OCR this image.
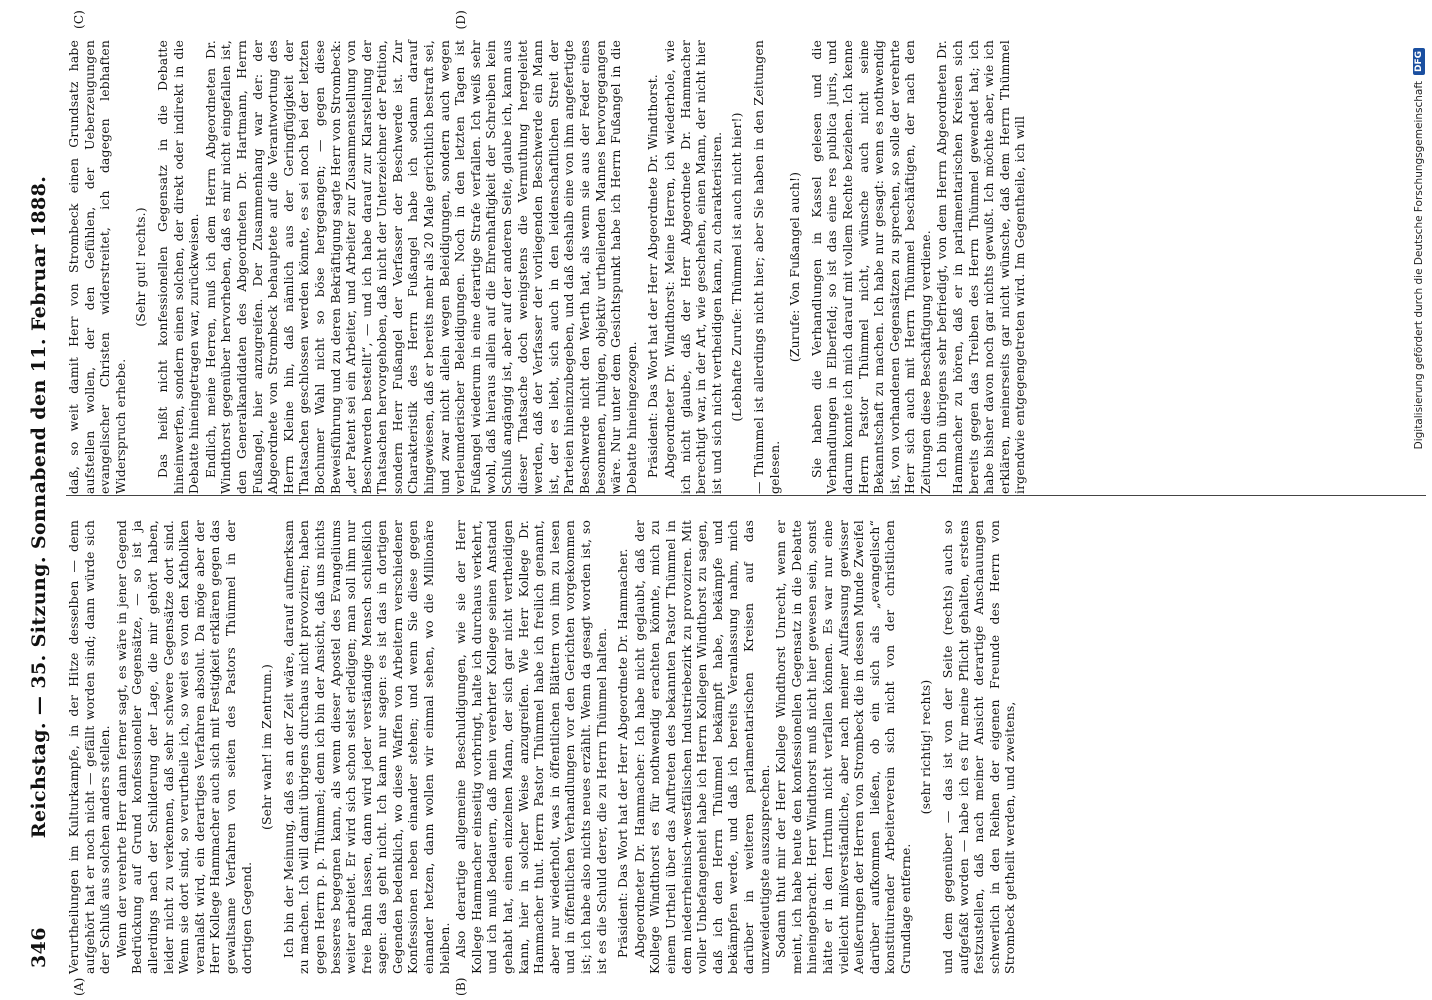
346
Reichstag. — 35. Sitzung. Sonnabend den 11. Februar 1888.
(A)	(B)

Verurtheilungen im Kulturkampfe, in der Hitze desselben — denn aufgehört hat er noch nicht — gefällt worden sind; dann würde sich der Schluß aus solchen anders stellen. Wenn der verehrte Herr dann ferner sagt, es wäre in jener Gegend Bedrückung auf Grund konfessioneller Gegensätze, — so ist ja allerdings nach der Schilderung der Lage, die mir gehört haben, leider nicht zu verkennen, daß sehr schwere Gegensätze dort sind. Wenn sie dort sind, so verurtheile ich, so weit es von den Katholiken veranlaßt wird, ein derartiges Verfahren absolut. Da möge aber der Herr Kollege Hammacher auch sich mit Festigkeit erklären gegen das gewaltsame Verfahren von seiten des Pastors Thümmel in der dortigen Gegend.

(Sehr wahr! im Zentrum.) Ich bin der Meinung, daß es an der Zeit wäre, darauf aufmerksam zu machen. Ich will damit übrigens durchaus nicht provoziren; haben gegen Herrn p. p. Thümmel; denn ich bin der Ansicht, daß uns nichts besseres begegnen kann, als wenn dieser Apostel des Evangeliums weiter arbeitet. Er wird sich schon selst erledigen; man soll ihm nur freie Bahn lassen, dann wird jeder verständige Mensch schließlich sagen: das geht nicht. Ich kann nur sagen: es ist das in dortigen Gegenden bedenklich, wo diese Waffen von Arbeitern verschiedener Konfessionen neben einander stehen; und wenn Sie diese gegen einander hetzen, dann wollen wir einmal sehen, wo die Millionäre bleiben. Also derartige allgemeine Beschuldigungen, wie sie der Herr Kollege Hammacher einseitig vorbringt, halte ich durchaus verkehrt, und ich muß bedauern, daß mein verehrter Kollege seinen Anstand gehabt hat, einen einzelnen Mann, der sich gar nicht vertheidigen kann, hier in solcher Weise anzugreifen. Wie Herr Kollege Dr. Hammacher thut. Herrn Pastor Thümmel habe ich freilich genannt, aber nur wiederholt, was in öffentlichen Blättern von ihm zu lesen und in öffentlichen Verhandlungen vor den Gerichten vorgekommen ist; ich habe also nichts neues erzählt. Wenn da gesagt worden ist, so ist es die Schuld derer, die zu Herrn Thümmel halten. Präsident: Das Wort hat der Herr Abgeordnete Dr. Hammacher. Abgeordneter Dr. Hammacher: Ich habe nicht geglaubt, daß der Kollege Windthorst es für nothwendig erachten könnte, mich zu einem Urtheil über das Auftreten des bekannten Pastor Thümmel in dem niederrheinisch-westfälischen Industriebezirk zu provoziren. Mit voller Unbefangenheit habe ich Herrn Kollegen Windthorst zu sagen, daß ich den Herrn Thümmel bekämpft habe, bekämpfe und bekämpfen werde, und daß ich bereits Veranlassung nahm, mich darüber in weiteren parlamentarischen Kreisen auf das unzweideutigste auszusprechen. Sodann thut mir der Herr Kollege Windthorst Unrecht, wenn er meint, ich habe heute den konfessionellen Gegensatz in die Debatte hineingebracht. Herr Windthorst muß nicht hier gewesen sein, sonst hätte er in den Irrthum nicht verfallen können. Es war nur eine vielleicht mißverständliche, aber nach meiner Auffassung gewisser Aeußerungen der Herren von Strombeck die in dessen Munde Zweifel darüber aufkommen ließen, ob ein sich als „evangelisch“ konstituirender Arbeiterverein sich nicht von der christlichen Grundlage entferne.

(sehr richtig! rechts) und dem gegenüber — das ist von der Seite (rechts) auch so aufgefaßt worden — habe ich es für meine Pflicht gehalten, erstens festzustellen, daß nach meiner Ansicht derartige Anschauungen schwerlich in den Reihen der eigenen Freunde des Herrn von Strombeck getheilt werden, und zweitens,

(C)	(D)

daß, so weit damit Herr von Strombeck einen Grundsatz habe aufstellen wollen, der den Gefühlen, der Ueberzeugungen evangelischer Christen widerstreitet, ich dagegen lebhaften Widerspruch erhebe.

(Sehr gut! rechts.) Das heißt nicht konfessionellen Gegensatz in die Debatte hineinwerfen, sondern einen solchen, der direkt oder indirekt in die Debatte hineingetragen war, zurückweisen. Endlich, meine Herren, muß ich dem Herrn Abgeordneten Dr. Windthorst gegenüber hervorheben, daß es mir nicht eingefallen ist, den Generalkandidaten des Abgeordneten Dr. Hartmann, Herrn Fußangel, hier anzugreifen. Der Zusammenhang war der: der Abgeordnete von Strombeck behauptete auf die Verantwortung des Herrn Kleine hin, daß nämlich aus der Geringfügigkeit der Thatsachen geschlossen werden könnte, es sei noch bei der letzten Bochumer Wahl nicht so böse hergegangen; — gegen diese Beweisführung und zu deren Bekräftigung sagte Herr von Strombeck: „der Patent sei ein Arbeiter, und Arbeiter zur Zusammenstellung von Beschwerden bestellt“, — und ich habe darauf zur Klarstellung der Thatsachen hervorgehoben, daß nicht der Unterzeichner der Petition, sondern Herr Fußangel der Verfasser der Beschwerde ist. Zur Charakteristik des Herrn Fußangel habe ich sodann darauf hingewiesen, daß er bereits mehr als 20 Male gerichtlich bestraft sei, und zwar nicht allein wegen Beleidigungen, sondern auch wegen verleumderischer Beleidigungen. Noch in den letzten Tagen ist Fußangel wiederum in eine derartige Strafe verfallen. Ich weiß sehr wohl, daß hieraus allein auf die Ehrenhaftigkeit der Schreiben kein Schluß angängig ist, aber auf der anderen Seite, glaube ich, kann aus dieser Thatsache doch wenigstens die Vermuthung hergeleitet werden, daß der Verfasser der vorliegenden Beschwerde ein Mann ist, der es liebt, sich auch in den leidenschaftlichen Streit der Parteien hineinzubegeben, und daß deshalb eine von ihm angefertigte Beschwerde nicht den Werth hat, als wenn sie aus der Feder eines besonnenen, ruhigen, objektiv urtheilenden Mannes hervorgegangen wäre. Nur unter dem Gesichtspunkt habe ich Herrn Fußangel in die Debatte hineingezogen. Präsident: Das Wort hat der Herr Abgeordnete Dr. Windthorst. Abgeordneter Dr. Windthorst: Meine Herren, ich wiederhole, wie ich nicht glaube, daß der Herr Abgeordnete Dr. Hammacher berechtigt war, in der Art, wie geschehen, einen Mann, der nicht hier ist und sich nicht vertheidigen kann, zu charakterisiren. (Lebhafte Zurufe: Thümmel ist auch nicht hier!) — Thümmel ist allerdings nicht hier; aber Sie haben in den Zeitungen gelesen.

(Zurufe: Von Fußangel auch!) Sie haben die Verhandlungen in Kassel gelesen und die Verhandlungen in Elberfeld; so ist das eine res publica juris, und darum konnte ich mich darauf mit vollem Rechte beziehen. Ich kenne Herrn Pastor Thümmel nicht, wünsche auch nicht seine Bekanntschaft zu machen. Ich habe nur gesagt: wenn es nothwendig ist, von vorhandenen Gegensätzen zu sprechen, so solle der verehrte Herr sich auch mit Herrn Thümmel beschäftigen, der nach den Zeitungen diese Beschäftigung verdiene. Ich bin übrigens sehr befriedigt, von dem Herrn Abgeordneten Dr. Hammacher zu hören, daß er in parlamentarischen Kreisen sich bereits gegen das Treiben des Herrn Thümmel gewendet hat; ich habe bisher davon noch gar nichts gewußt. Ich möchte aber, wie ich erklären, meinerseits gar nicht wünsche, daß dem Herrn Thümmel irgendwie entgegengetreten wird. Im Gegentheile, ich will

DFG
Digitalisierung gefördert durch die Deutsche Forschungsgemeinschaft
